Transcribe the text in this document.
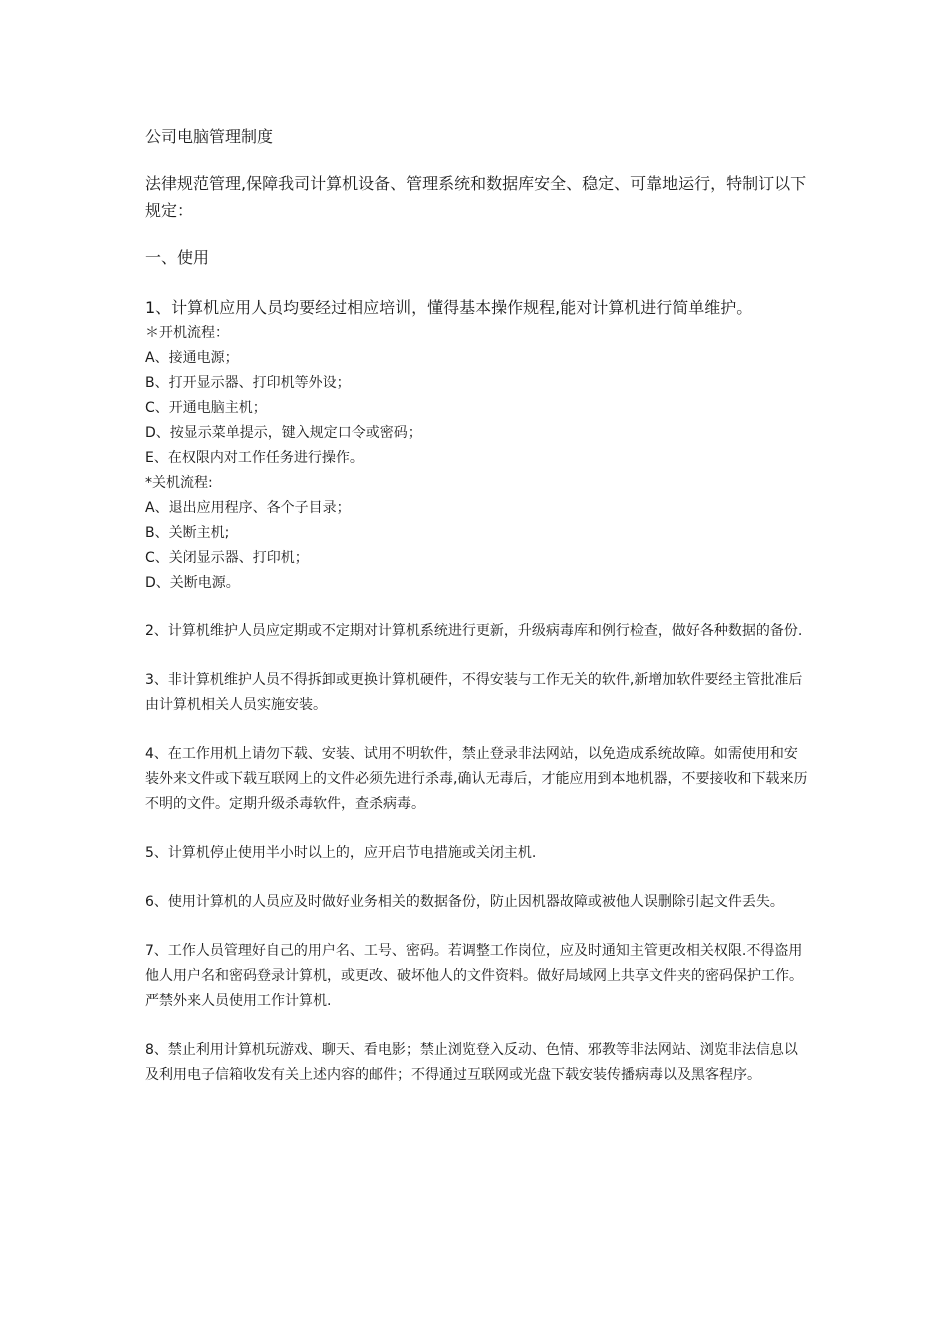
公司电脑管理制度

法律规范管理,保障我司计算机设备、管理系统和数据库安全、稳定、可靠地运行，特制订以下规定：

一、使用

1、计算机应用人员均要经过相应培训，懂得基本操作规程,能对计算机进行简单维护。

＊开机流程：

A、接通电源；

B、打开显示器、打印机等外设；

C、开通电脑主机；

D、按显示菜单提示，键入规定口令或密码；

E、在权限内对工作任务进行操作。

*关机流程:

A、退出应用程序、各个子目录；

B、关断主机;

C、关闭显示器、打印机；

D、关断电源。

2、计算机维护人员应定期或不定期对计算机系统进行更新，升级病毒库和例行检查，做好各种数据的备份.

3、非计算机维护人员不得拆卸或更换计算机硬件，不得安装与工作无关的软件,新增加软件要经主管批准后由计算机相关人员实施安装。

4、在工作用机上请勿下载、安装、试用不明软件，禁止登录非法网站，以免造成系统故障。如需使用和安装外来文件或下载互联网上的文件必须先进行杀毒,确认无毒后，才能应用到本地机器，不要接收和下载来历不明的文件。定期升级杀毒软件，查杀病毒。

5、计算机停止使用半小时以上的，应开启节电措施或关闭主机.

6、使用计算机的人员应及时做好业务相关的数据备份，防止因机器故障或被他人误删除引起文件丢失。

7、工作人员管理好自己的用户名、工号、密码。若调整工作岗位，应及时通知主管更改相关权限.不得盗用他人用户名和密码登录计算机，或更改、破坏他人的文件资料。做好局域网上共享文件夹的密码保护工作。严禁外来人员使用工作计算机.

8、禁止利用计算机玩游戏、聊天、看电影；禁止浏览登入反动、色情、邪教等非法网站、浏览非法信息以及利用电子信箱收发有关上述内容的邮件；不得通过互联网或光盘下载安装传播病毒以及黑客程序。
